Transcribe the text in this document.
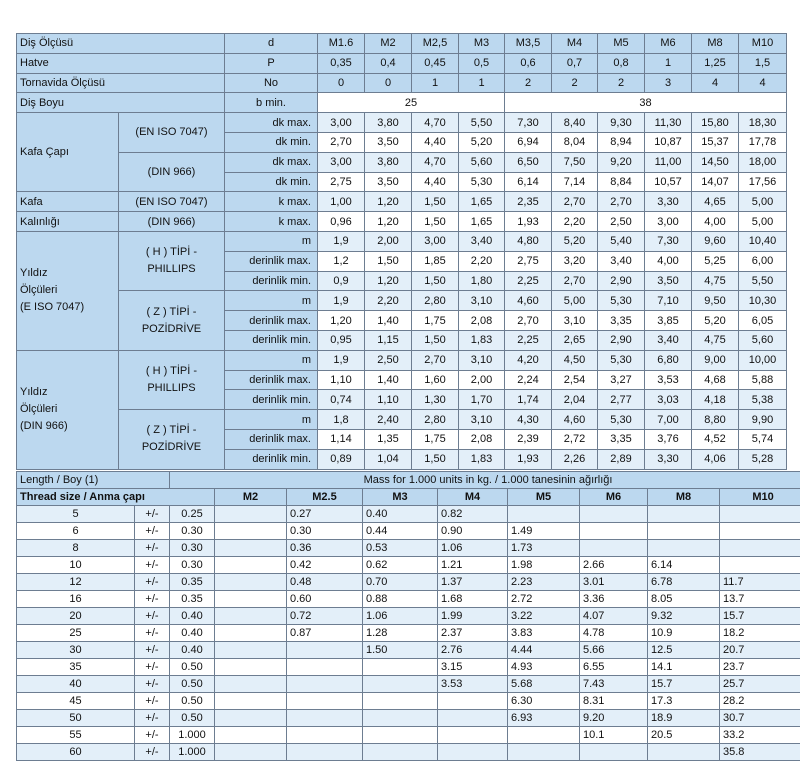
Diş Ölçüsü		d	M1.6	M2	M2,5	M3	M3,5	M4	M5	M6	M8	M10
Hatve		P	0,35	0,4	0,45	0,5	0,6	0,7	0,8	1	1,25	1,5
Tornavida Ölçüsü		No	0	0	1	1	2	2	2	3	4	4
Diş Boyu		b min.	25				38					
Kafa Çapı	(EN ISO 7047)	dk max.	3,00	3,80	4,70	5,50	7,30	8,40	9,30	11,30	15,80	18,30
		dk min.	2,70	3,50	4,40	5,20	6,94	8,04	8,94	10,87	15,37	17,78
	(DIN 966)	dk max.	3,00	3,80	4,70	5,60	6,50	7,50	9,20	11,00	14,50	18,00
		dk min.	2,75	3,50	4,40	5,30	6,14	7,14	8,84	10,57	14,07	17,56
Kafa	(EN ISO 7047)	k max.	1,00	1,20	1,50	1,65	2,35	2,70	2,70	3,30	4,65	5,00
Kalınlığı	(DIN 966)	k max.	0,96	1,20	1,50	1,65	1,93	2,20	2,50	3,00	4,00	5,00
Yıldız
Ölçüleri
(E ISO 7047)	( H ) TİPİ -
PHILLIPS	m	1,9	2,00	3,00	3,40	4,80	5,20	5,40	7,30	9,60	10,40
		derinlik max.	1,2	1,50	1,85	2,20	2,75	3,20	3,40	4,00	5,25	6,00
		derinlik min.	0,9	1,20	1,50	1,80	2,25	2,70	2,90	3,50	4,75	5,50
	( Z ) TİPİ -
POZİDRİVE	m	1,9	2,20	2,80	3,10	4,60	5,00	5,30	7,10	9,50	10,30
		derinlik max.	1,20	1,40	1,75	2,08	2,70	3,10	3,35	3,85	5,20	6,05
		derinlik min.	0,95	1,15	1,50	1,83	2,25	2,65	2,90	3,40	4,75	5,60
Yıldız
Ölçüleri
(DIN 966)	( H ) TİPİ -
PHILLIPS	m	1,9	2,50	2,70	3,10	4,20	4,50	5,30	6,80	9,00	10,00
		derinlik max.	1,10	1,40	1,60	2,00	2,24	2,54	3,27	3,53	4,68	5,88
		derinlik min.	0,74	1,10	1,30	1,70	1,74	2,04	2,77	3,03	4,18	5,38
	( Z ) TİPİ -
POZİDRİVE	m	1,8	2,40	2,80	3,10	4,30	4,60	5,30	7,00	8,80	9,90
		derinlik max.	1,14	1,35	1,75	2,08	2,39	2,72	3,35	3,76	4,52	5,74
		derinlik min.	0,89	1,04	1,50	1,83	1,93	2,26	2,89	3,30	4,06	5,28
Length / Boy (1)		Mass for 1.000 units in kg. / 1.000 tanesinin ağırlığı								
Thread size / Anma çapı			M2	M2.5	M3	M4	M5	M6	M8	M10
5	+/-	0.25		0.27	0.40	0.82				
6	+/-	0.30		0.30	0.44	0.90	1.49			
8	+/-	0.30		0.36	0.53	1.06	1.73			
10	+/-	0.30		0.42	0.62	1.21	1.98	2.66	6.14	
12	+/-	0.35		0.48	0.70	1.37	2.23	3.01	6.78	11.7
16	+/-	0.35		0.60	0.88	1.68	2.72	3.36	8.05	13.7
20	+/-	0.40		0.72	1.06	1.99	3.22	4.07	9.32	15.7
25	+/-	0.40		0.87	1.28	2.37	3.83	4.78	10.9	18.2
30	+/-	0.40			1.50	2.76	4.44	5.66	12.5	20.7
35	+/-	0.50				3.15	4.93	6.55	14.1	23.7
40	+/-	0.50				3.53	5.68	7.43	15.7	25.7
45	+/-	0.50					6.30	8.31	17.3	28.2
50	+/-	0.50					6.93	9.20	18.9	30.7
55	+/-	1.000						10.1	20.5	33.2
60	+/-	1.000								35.8
